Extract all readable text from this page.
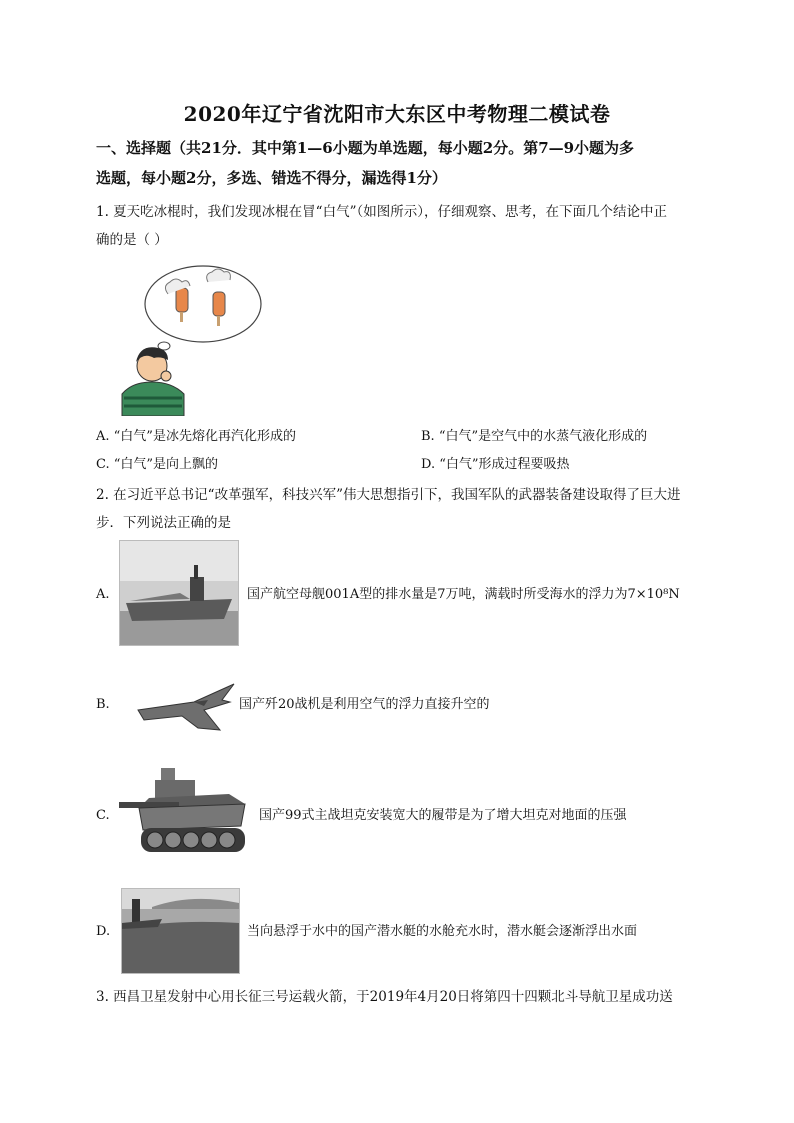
2020年辽宁省沈阳市大东区中考物理二模试卷
一、选择题（共21分．其中第1—6小题为单选题，每小题2分。第7—9小题为多
选题，每小题2分，多选、错选不得分，漏选得1分）
1. 夏天吃冰棍时，我们发现冰棍在冒“白气”（如图所示），仔细观察、思考，在下面几个结论中正
确的是（ ）
A. “白气”是冰先熔化再汽化形成的	B. “白气”是空气中的水蒸气液化形成的
C. “白气”是向上飘的	D. “白气”形成过程要吸热
2. 在习近平总书记“改革强军，科技兴军”伟大思想指引下，我国军队的武器装备建设取得了巨大进
步．下列说法正确的是
A.	国产航空母舰001A型的排水量是7万吨，满载时所受海水的浮力为7×10⁸N
B.	国产歼20战机是利用空气的浮力直接升空的
C.	国产99式主战坦克安装宽大的履带是为了增大坦克对地面的压强
D.	当向悬浮于水中的国产潜水艇的水舱充水时，潜水艇会逐渐浮出水面
3. 西昌卫星发射中心用长征三号运载火箭，于2019年4月20日将第四十四颗北斗导航卫星成功送
